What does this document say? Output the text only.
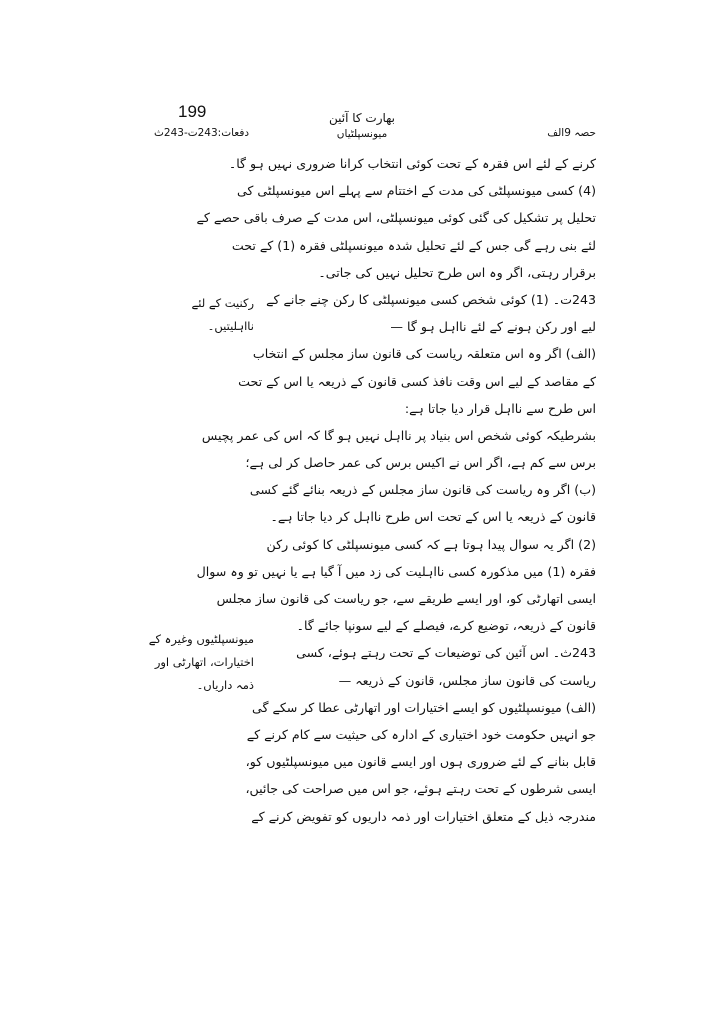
199
دفعات:243ت-243ث
بھارت کا آئین
میونسپلٹیاں	حصہ 9الف
رکنیت کے لئے
نااہلیتیں۔
میونسپلٹیوں وغیرہ کے
اختیارات، اتھارٹی اور
ذمہ داریاں۔
کرنے کے لئے اس فقرہ کے تحت کوئی انتخاب کرانا ضروری نہیں ہو گا۔
(4) کسی میونسپلٹی کی مدت کے اختتام سے پہلے اس میونسپلٹی کی
تحلیل پر تشکیل کی گئی کوئی میونسپلٹی، اس مدت کے صرف باقی حصے کے
لئے بنی رہے گی جس کے لئے تحلیل شدہ میونسپلٹی فقرہ (1) کے تحت
برقرار رہتی، اگر وہ اس طرح تحلیل نہیں کی جاتی۔
243ت۔ (1) کوئی شخص کسی میونسپلٹی کا رکن چنے جانے کے
لیے اور رکن ہونے کے لئے نااہل ہو گا —
(الف) اگر وہ اس متعلقہ ریاست کی قانون ساز مجلس کے انتخاب
کے مقاصد کے لیے اس وقت نافذ کسی قانون کے ذریعہ یا اس کے تحت
اس طرح سے نااہل قرار دیا جاتا ہے:
بشرطیکہ کوئی شخص اس بنیاد پر نااہل نہیں ہو گا کہ اس کی عمر پچیس
برس سے کم ہے، اگر اس نے اکیس برس کی عمر حاصل کر لی ہے؛
(ب) اگر وہ ریاست کی قانون ساز مجلس کے ذریعہ بنائے گئے کسی
قانون کے ذریعہ یا اس کے تحت اس طرح نااہل کر دیا جاتا ہے۔
(2) اگر یہ سوال پیدا ہوتا ہے کہ کسی میونسپلٹی کا کوئی رکن
فقرہ (1) میں مذکورہ کسی نااہلیت کی زد میں آ گیا ہے یا نہیں تو وہ سوال
ایسی اتھارٹی کو، اور ایسے طریقے سے، جو ریاست کی قانون ساز مجلس
قانون کے ذریعہ، توضیع کرے، فیصلے کے لیے سونپا جائے گا۔
243ث۔ اس آئین کی توضیعات کے تحت رہتے ہوئے، کسی
ریاست کی قانون ساز مجلس، قانون کے ذریعہ —
(الف) میونسپلٹیوں کو ایسے اختیارات اور اتھارٹی عطا کر سکے گی
جو انہیں حکومت خود اختیاری کے ادارہ کی حیثیت سے کام کرنے کے
قابل بنانے کے لئے ضروری ہوں اور ایسے قانون میں میونسپلٹیوں کو،
ایسی شرطوں کے تحت رہتے ہوئے، جو اس میں صراحت کی جائیں،
مندرجہ ذیل کے متعلق اختیارات اور ذمہ داریوں کو تفویض کرنے کے
